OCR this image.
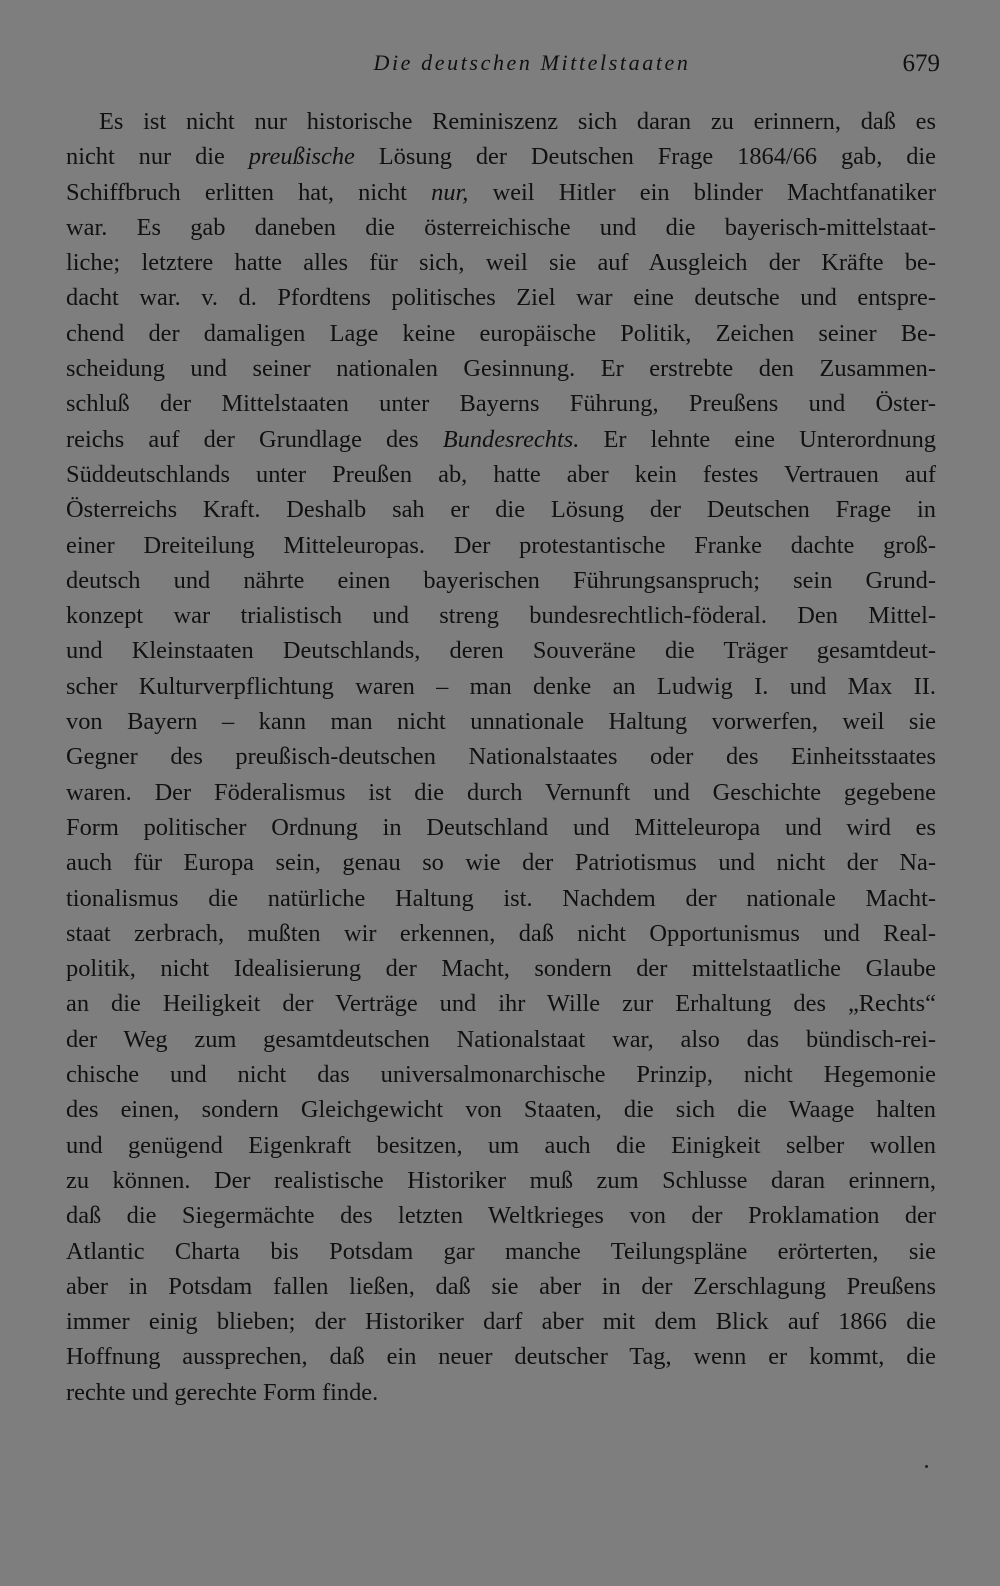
Die deutschen Mittelstaaten	679
Es ist nicht nur historische Reminiszenz sich daran zu erinnern, daß es
nicht nur die preußische Lösung der Deutschen Frage 1864/66 gab, die
Schiffbruch erlitten hat, nicht nur, weil Hitler ein blinder Machtfanatiker
war. Es gab daneben die österreichische und die bayerisch-mittelstaat-
liche; letztere hatte alles für sich, weil sie auf Ausgleich der Kräfte be-
dacht war. v. d. Pfordtens politisches Ziel war eine deutsche und entspre-
chend der damaligen Lage keine europäische Politik, Zeichen seiner Be-
scheidung und seiner nationalen Gesinnung. Er erstrebte den Zusammen-
schluß der Mittelstaaten unter Bayerns Führung, Preußens und Öster-
reichs auf der Grundlage des Bundesrechts. Er lehnte eine Unterordnung
Süddeutschlands unter Preußen ab, hatte aber kein festes Vertrauen auf
Österreichs Kraft. Deshalb sah er die Lösung der Deutschen Frage in
einer Dreiteilung Mitteleuropas. Der protestantische Franke dachte groß-
deutsch und nährte einen bayerischen Führungsanspruch; sein Grund-
konzept war trialistisch und streng bundesrechtlich-föderal. Den Mittel-
und Kleinstaaten Deutschlands, deren Souveräne die Träger gesamtdeut-
scher Kulturverpflichtung waren – man denke an Ludwig I. und Max II.
von Bayern – kann man nicht unnationale Haltung vorwerfen, weil sie
Gegner des preußisch-deutschen Nationalstaates oder des Einheitsstaates
waren. Der Föderalismus ist die durch Vernunft und Geschichte gegebene
Form politischer Ordnung in Deutschland und Mitteleuropa und wird es
auch für Europa sein, genau so wie der Patriotismus und nicht der Na-
tionalismus die natürliche Haltung ist. Nachdem der nationale Macht-
staat zerbrach, mußten wir erkennen, daß nicht Opportunismus und Real-
politik, nicht Idealisierung der Macht, sondern der mittelstaatliche Glaube
an die Heiligkeit der Verträge und ihr Wille zur Erhaltung des „Rechts“
der Weg zum gesamtdeutschen Nationalstaat war, also das bündisch-rei-
chische und nicht das universalmonarchische Prinzip, nicht Hegemonie
des einen, sondern Gleichgewicht von Staaten, die sich die Waage halten
und genügend Eigenkraft besitzen, um auch die Einigkeit selber wollen
zu können. Der realistische Historiker muß zum Schlusse daran erinnern,
daß die Siegermächte des letzten Weltkrieges von der Proklamation der
Atlantic Charta bis Potsdam gar manche Teilungspläne erörterten, sie
aber in Potsdam fallen ließen, daß sie aber in der Zerschlagung Preußens
immer einig blieben; der Historiker darf aber mit dem Blick auf 1866 die
Hoffnung aussprechen, daß ein neuer deutscher Tag, wenn er kommt, die
rechte und gerechte Form finde.
